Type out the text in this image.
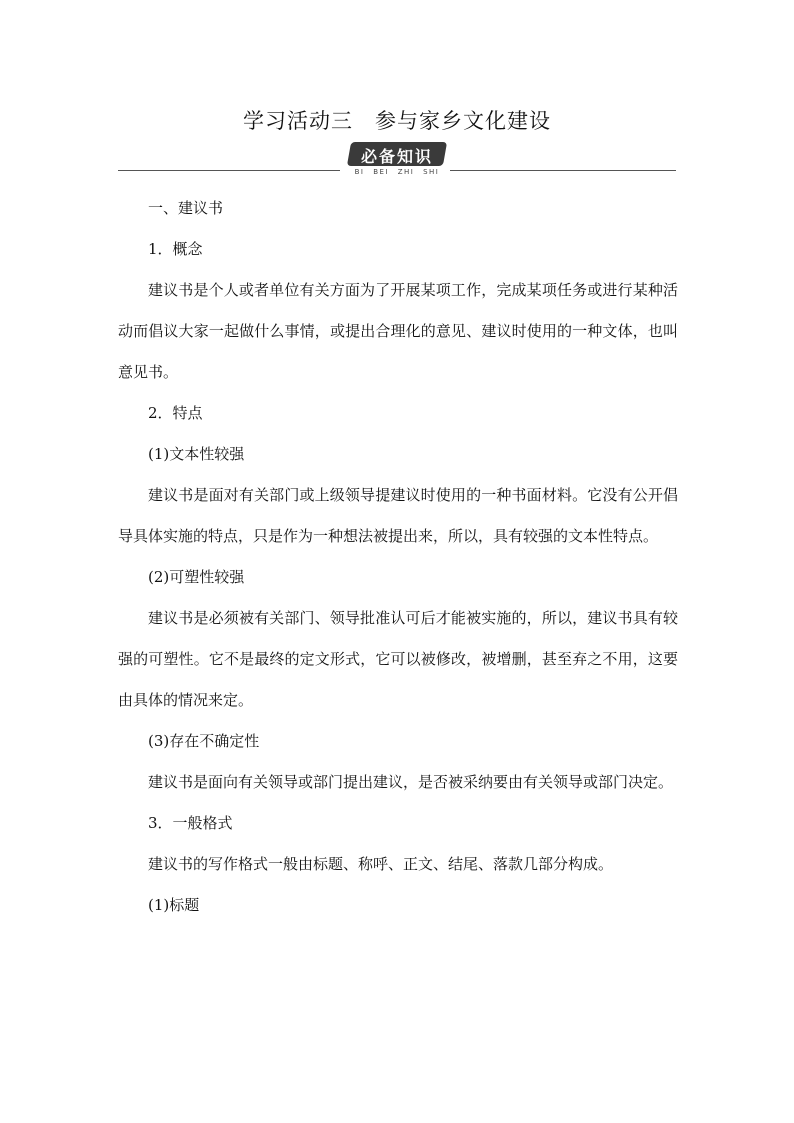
学习活动三　参与家乡文化建设
必备知识
BI BEI ZHI SHI

一、建议书

1．概念

建议书是个人或者单位有关方面为了开展某项工作，完成某项任务或进行某种活动而倡议大家一起做什么事情，或提出合理化的意见、建议时使用的一种文体，也叫意见书。

2．特点

(1)文本性较强

建议书是面对有关部门或上级领导提建议时使用的一种书面材料。它没有公开倡导具体实施的特点，只是作为一种想法被提出来，所以，具有较强的文本性特点。

(2)可塑性较强

建议书是必须被有关部门、领导批准认可后才能被实施的，所以，建议书具有较强的可塑性。它不是最终的定文形式，它可以被修改，被增删，甚至弃之不用，这要由具体的情况来定。

(3)存在不确定性

建议书是面向有关领导或部门提出建议，是否被采纳要由有关领导或部门决定。

3．一般格式

建议书的写作格式一般由标题、称呼、正文、结尾、落款几部分构成。

(1)标题
